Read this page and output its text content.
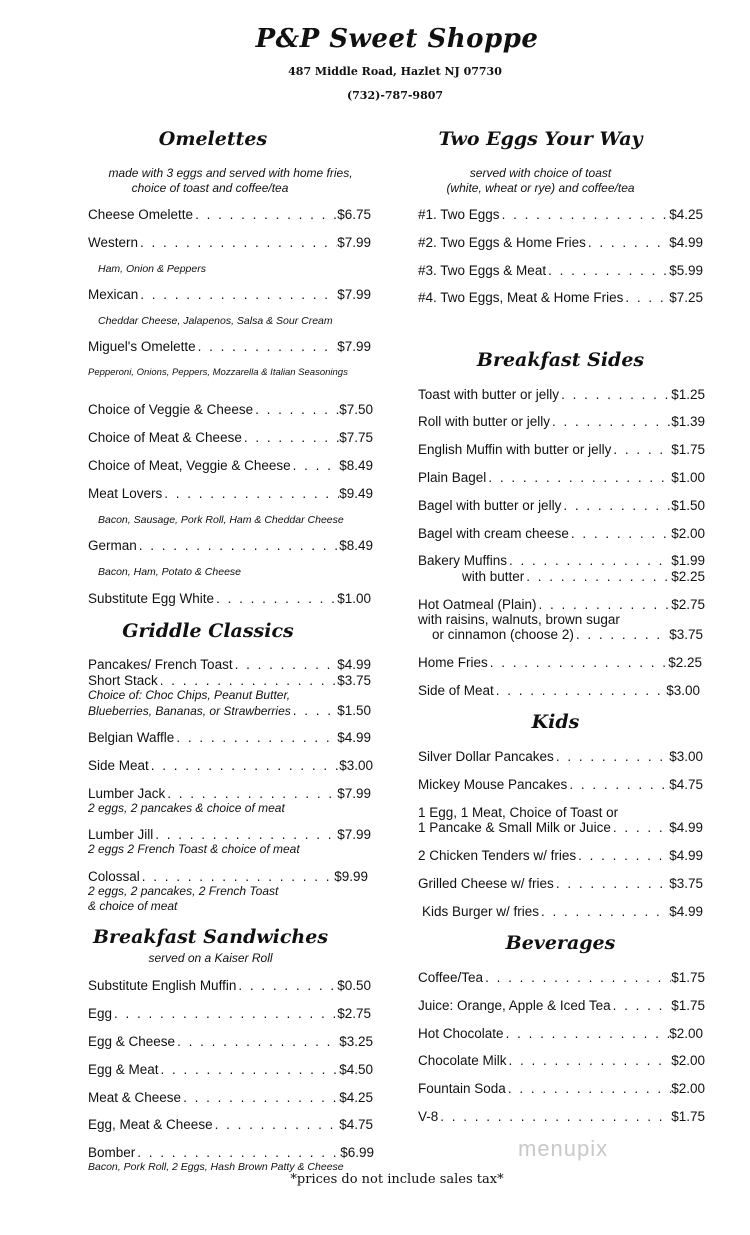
P&P Sweet Shoppe
487 Middle Road, Hazlet NJ 07730
(732)-787-9807
Omelettes
made with 3 eggs and served with home fries,
choice of toast and coffee/tea
Cheese Omelette . . .	$6.75
Western . . .	$7.99
Ham, Onion & Peppers
Mexican . . .	$7.99
Cheddar Cheese, Jalapenos, Salsa & Sour Cream
Miguel's Omelette . . .	$7.99
Pepperoni, Onions, Peppers, Mozzarella & Italian Seasonings
Choice of Veggie & Cheese . . .	$7.50
Choice of Meat & Cheese . . .	$7.75
Choice of Meat, Veggie & Cheese . . .	$8.49
Meat Lovers . . .	$9.49
Bacon, Sausage, Pork Roll, Ham & Cheddar Cheese
German . . .	$8.49
Bacon, Ham, Potato & Cheese
Substitute Egg White . . .	$1.00
Griddle Classics
Pancakes/ French Toast . . .	$4.99
Short Stack . . .	$3.75
Choice of: Choc Chips, Peanut Butter,
Blueberries, Bananas, or Strawberries . . .	$1.50
Belgian Waffle . . .	$4.99
Side Meat . . .	$3.00
Lumber Jack . . .	$7.99
2 eggs, 2 pancakes & choice of meat
Lumber Jill . . .	$7.99
2 eggs 2 French Toast & choice of meat
Colossal . . .	$9.99
2 eggs, 2 pancakes, 2 French Toast
& choice of meat
Breakfast Sandwiches
served on a Kaiser Roll
Substitute English Muffin . . .	$0.50
Egg . . .	$2.75
Egg & Cheese . . .	$3.25
Egg & Meat . . .	$4.50
Meat & Cheese . . .	$4.25
Egg, Meat & Cheese . . .	$4.75
Bomber . . .	$6.99
Bacon, Pork Roll, 2 Eggs, Hash Brown Patty & Cheese
Two Eggs Your Way
served with choice of toast
(white, wheat or rye) and coffee/tea
#1. Two Eggs . . .	$4.25
#2. Two Eggs & Home Fries . . .	$4.99
#3. Two Eggs & Meat . . .	$5.99
#4. Two Eggs, Meat & Home Fries . . .	$7.25
Breakfast Sides
Toast with butter or jelly . . .	$1.25
Roll with butter or jelly . . .	$1.39
English Muffin with butter or jelly . . .	$1.75
Plain Bagel . . .	$1.00
Bagel with butter or jelly . . .	$1.50
Bagel with cream cheese . . .	$2.00
Bakery Muffins . . .	$1.99
with butter . . .	$2.25
Hot Oatmeal (Plain) . . .	$2.75
with raisins, walnuts, brown sugar
or cinnamon (choose 2) . . .	$3.75
Home Fries . . .	$2.25
Side of Meat . . .	$3.00
Kids
Silver Dollar Pancakes . . .	$3.00
Mickey Mouse Pancakes . . .	$4.75
1 Egg, 1 Meat, Choice of Toast or
1 Pancake & Small Milk or Juice . . .	$4.99
2 Chicken Tenders w/ fries . . .	$4.99
Grilled Cheese w/ fries . . .	$3.75
Kids Burger w/ fries . . .	$4.99
Beverages
Coffee/Tea . . .	$1.75
Juice: Orange, Apple & Iced Tea . . .	$1.75
Hot Chocolate . . .	$2.00
Chocolate Milk . . .	$2.00
Fountain Soda . . .	$2.00
V-8 . . .	$1.75
menupix
*prices do not include sales tax*
